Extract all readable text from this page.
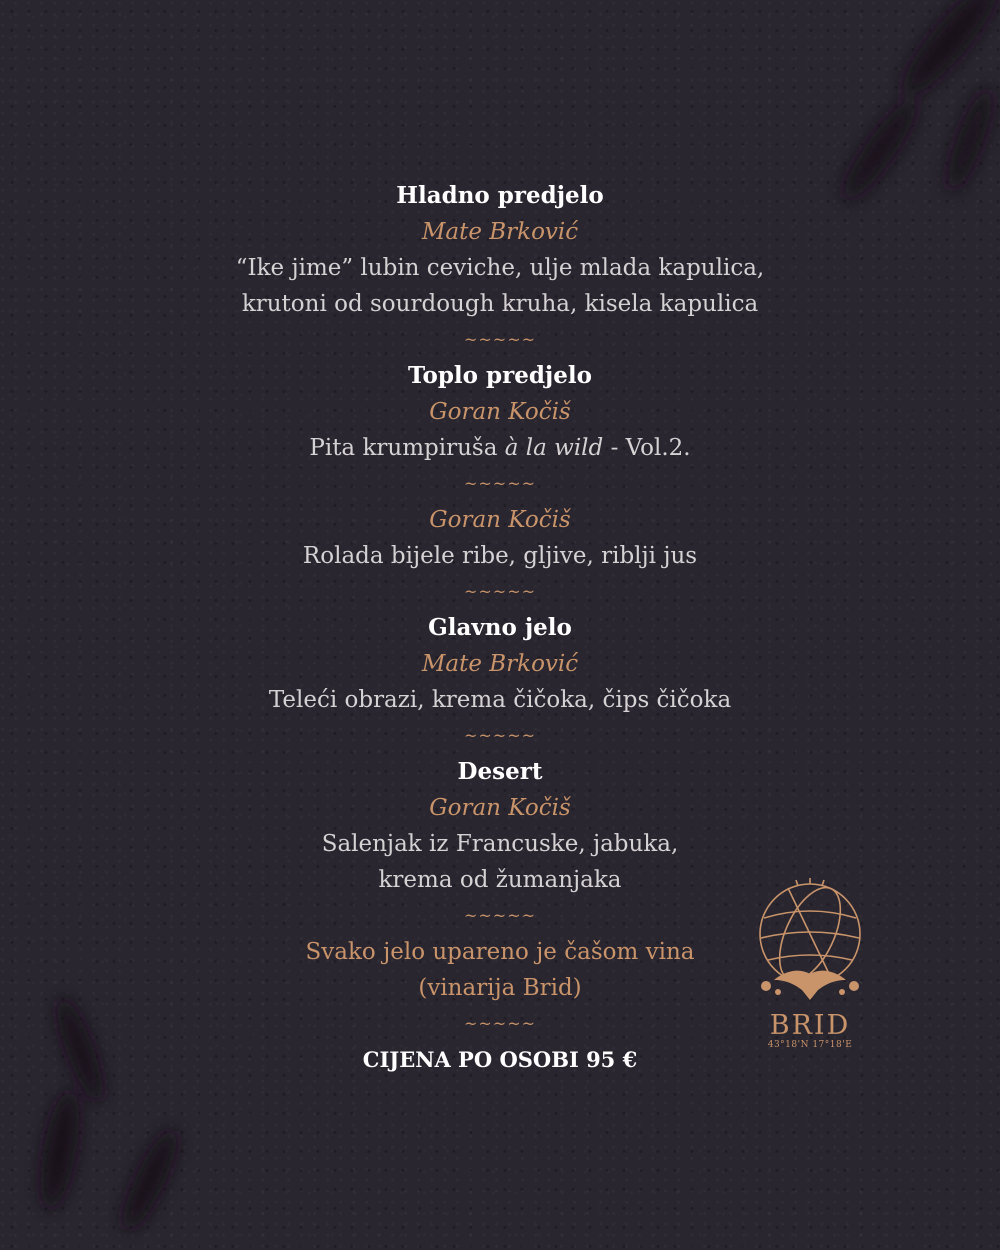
Hladno predjelo
Mate Brković
“Ike jime” lubin ceviche, ulje mlada kapulica,
krutoni od sourdough kruha, kisela kapulica
~~~~~
Toplo predjelo
Goran Kočiš
Pita krumpiruša à la wild - Vol.2.
~~~~~
Goran Kočiš
Rolada bijele ribe, gljive, riblji jus
~~~~~
Glavno jelo
Mate Brković
Teleći obrazi, krema čičoka, čips čičoka
~~~~~
Desert
Goran Kočiš
Salenjak iz Francuske, jabuka,
krema od žumanjaka
~~~~~
Svako jelo upareno je čašom vina
(vinarija Brid)
~~~~~
CIJENA PO OSOBI 95 €
BRID
43°18'N 17°18'E
